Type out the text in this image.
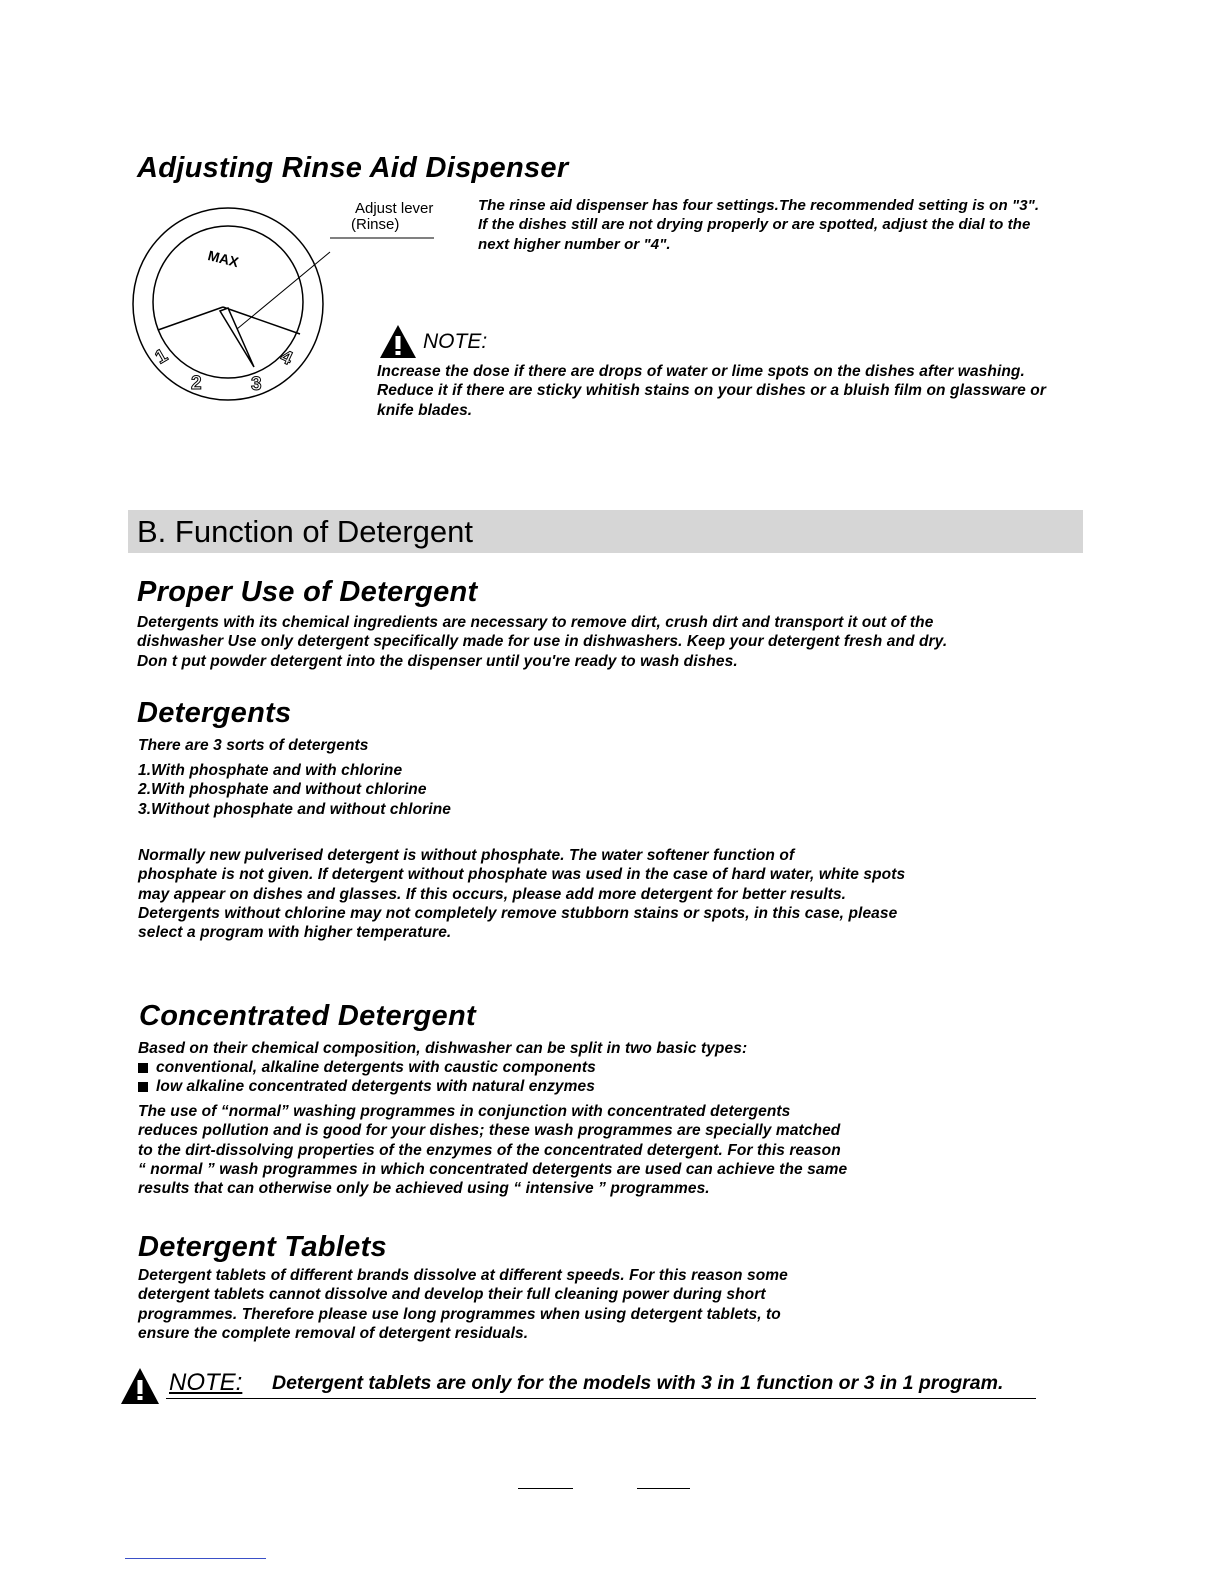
Adjusting Rinse Aid Dispenser
MAX
1
2	3
4
Adjust lever
(Rinse)
The rinse aid dispenser has four settings.The recommended setting is on "3".
If the dishes still are not drying properly or are spotted, adjust the dial to the
next higher number or "4".
NOTE:
Increase the dose if there are drops of water or lime spots on the dishes after washing.
Reduce it if there are sticky whitish stains on your dishes or a bluish film on glassware or
knife blades.
B. Function of Detergent
Proper Use of Detergent
Detergents with its chemical ingredients are necessary to remove dirt, crush dirt and transport it out of the
dishwasher Use only detergent specifically made for use in dishwashers. Keep your detergent fresh and dry.
Don t put powder detergent into the dispenser until you're ready to wash dishes.
Detergents
There are 3 sorts of detergents
1.With phosphate and with chlorine
2.With phosphate and without chlorine
3.Without phosphate and without chlorine
Normally new pulverised detergent is without phosphate. The water softener function of
phosphate is not given. If detergent without phosphate was used in the case of hard water, white spots
may appear on dishes and glasses. If this occurs, please add more detergent for better results.
Detergents without chlorine may not completely remove stubborn stains or spots, in this case, please
select a program with higher temperature.
Concentrated Detergent
Based on their chemical composition, dishwasher can be split in two basic types:
conventional, alkaline detergents with caustic components
low alkaline concentrated detergents with natural enzymes
The use of “normal” washing programmes in conjunction with concentrated detergents
reduces pollution and is good for your dishes; these wash programmes are specially matched
to the dirt-dissolving properties of the enzymes of the concentrated detergent. For this reason
“ normal ” wash programmes in which concentrated detergents are used can achieve the same
results that can otherwise only be achieved using “ intensive ” programmes.
Detergent Tablets
Detergent tablets of different brands dissolve at different speeds. For this reason some
detergent tablets cannot dissolve and develop their full cleaning power during short
programmes. Therefore please use long programmes when using detergent tablets, to
ensure the complete removal of detergent residuals.
NOTE: Detergent tablets are only for the models with 3 in 1 function or 3 in 1 program.
